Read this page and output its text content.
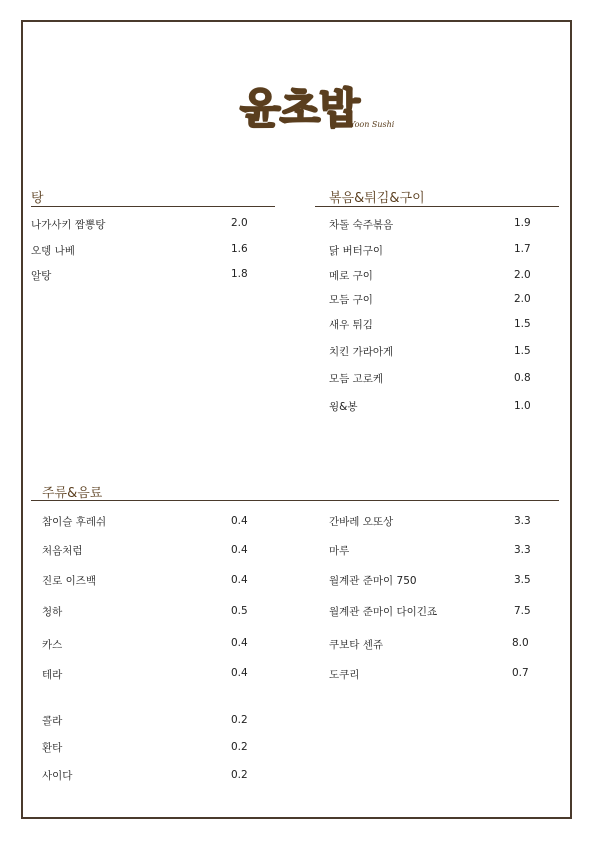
윤초밥
Yoon Sushi
탕
나가사키 짬뽕탕	2.0
오뎅 나베	1.6
알탕	1.8
볶음&튀김&구이
차돌 숙주볶음	1.9
닭 버터구이	1.7
메로 구이	2.0
모듬 구이	2.0
새우 튀김	1.5
치킨 가라아게	1.5
모듬 고로케	0.8
윙&봉	1.0
주류&음료
참이슬 후레쉬	0.4
처음처럼	0.4
진로 이즈백	0.4
청하	0.5
카스	0.4
테라	0.4
콜라	0.2
환타	0.2
사이다	0.2
간바레 오또상	3.3
마루	3.3
월계관 준마이 750	3.5
월계관 준마이 다이긴죠	7.5
쿠보타 센쥬	8.0
도쿠리	0.7
